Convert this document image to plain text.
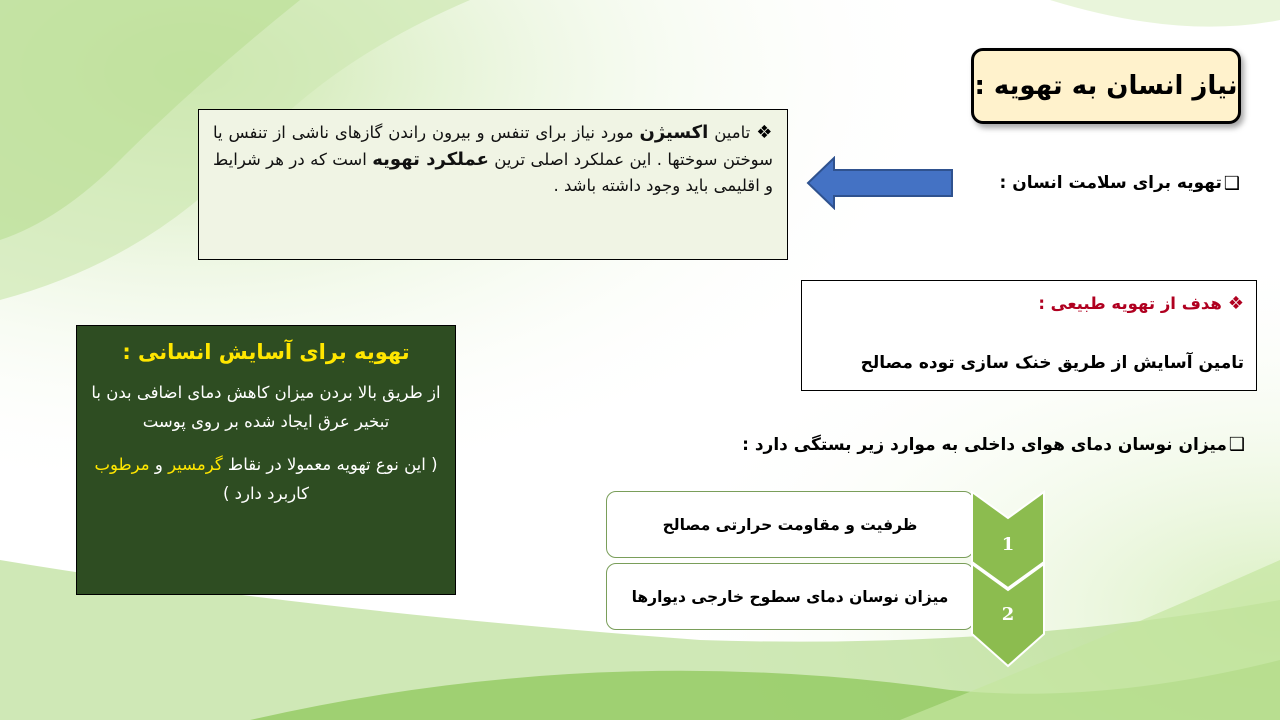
نیاز انسان به تهویه :
❑
تهویه برای سلامت انسان :
❖تامین اکسیژن مورد نیاز برای تنفس و بیرون راندن گازهای ناشی از تنفس یا سوختن سوختها . این عملکرد اصلی ترین عملکرد تهویه است که در هر شرایط و اقلیمی باید وجود داشته باشد .
❖هدف از تهویه طبیعی :
تامین آسایش از طریق خنک سازی توده مصالح
تهویه برای آسایش انسانی :
از طریق بالا بردن میزان کاهش دمای اضافی بدن با تبخیر عرق ایجاد شده بر روی پوست
( این نوع تهویه معمولا در نقاط گرمسیر و مرطوب کاربرد دارد )
❑میزان نوسان دمای هوای داخلی به موارد زیر بستگی دارد :
ظرفیت و مقاومت حرارتی مصالح
میزان نوسان دمای سطوح خارجی دیوارها
1
2
